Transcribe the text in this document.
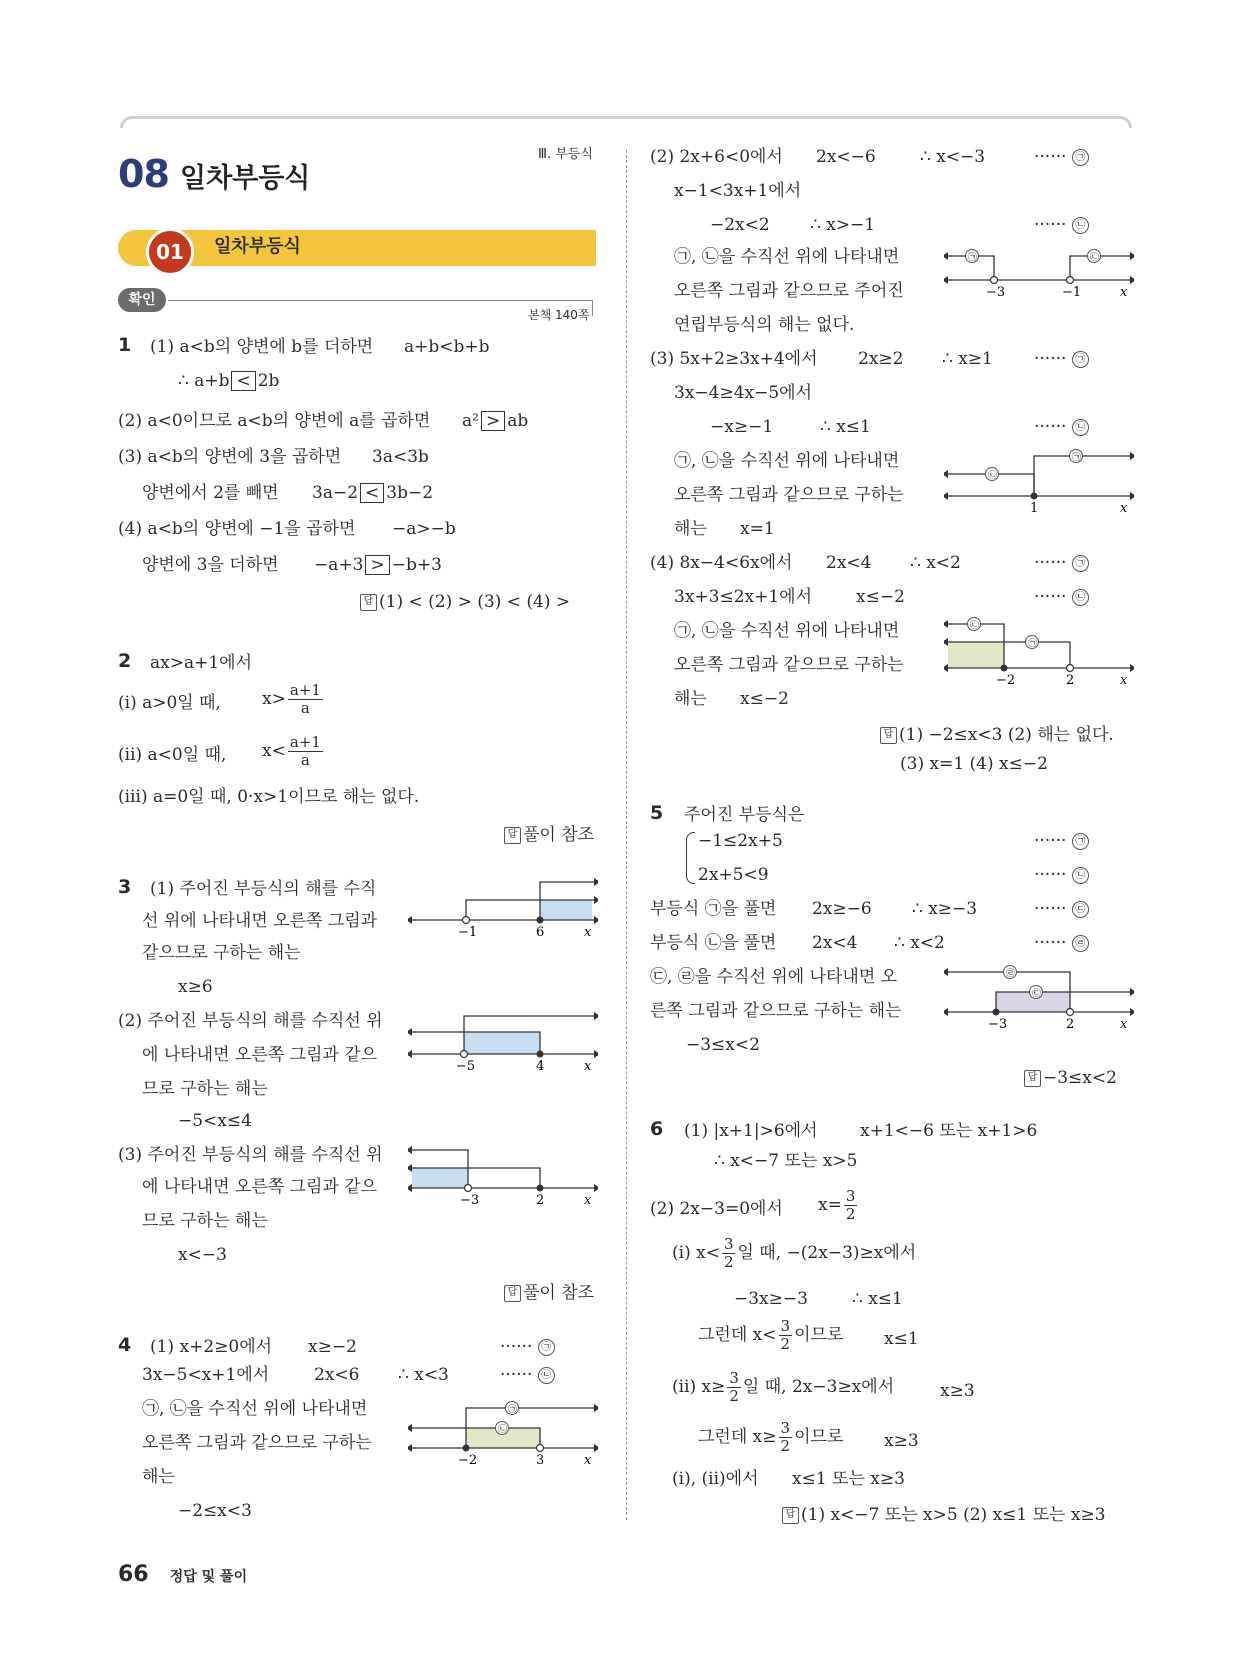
08 일차부등식
Ⅲ. 부등식
01	일차부등식
확인
본책 140쪽
1 (1) a<b의 양변에 b를 더하면 a+b<b+b
∴ a+b < 2b
(2) a<0이므로 a<b의 양변에 a를 곱하면 a² > ab
(3) a<b의 양변에 3을 곱하면 3a<3b
양변에서 2를 빼면 3a−2 < 3b−2
(4) a<b의 양변에 −1을 곱하면 −a>−b
양변에 3을 더하면 −a+3 > −b+3
답 (1) < (2) > (3) < (4) >
2 ax>a+1에서
(ⅰ) a>0일 때, $x> \frac{a+1}{a}$
(ⅱ) a<0일 때, $x< \frac{a+1}{a}$
(ⅲ) a=0일 때, 0·x>1이므로 해는 없다.
답 풀이 참조
3 (1) 주어진 부등식의 해를 수직
선 위에 나타내면 오른쪽 그림과
같으므로 구하는 해는
x≥6
(2) 주어진 부등식의 해를 수직선 위
에 나타내면 오른쪽 그림과 같으
므로 구하는 해는
−5<x≤4
(3) 주어진 부등식의 해를 수직선 위
에 나타내면 오른쪽 그림과 같으
므로 구하는 해는
x<−3
답 풀이 참조
−1	6	x
−5	4	x
−3	2	x
4 (1) x+2≥0에서 x≥−2	······ ㉠
3x−5<x+1에서	2x<6 ∴ x<3	······ ㉡
㉠, ㉡을 수직선 위에 나타내면
오른쪽 그림과 같으므로 구하는
해는
−2≤x<3
㉠
㉡
−2	3	x
(2) 2x+6<0에서 2x<−6	∴ x<−3	······ ㉠
x−1<3x+1에서
−2x<2 ∴ x>−1	······ ㉡
㉠, ㉡을 수직선 위에 나타내면
오른쪽 그림과 같으므로 주어진
연립부등식의 해는 없다.
㉠	㉡
−3	−1	x
(3) 5x+2≥3x+4에서 2x≥2 ∴ x≥1 ······ ㉠
3x−4≥4x−5에서
−x≥−1	∴ x≤1	······ ㉡
㉠, ㉡을 수직선 위에 나타내면
오른쪽 그림과 같으므로 구하는
해는 x=1
㉠
㉡
1	x
(4) 8x−4<6x에서 2x<4 ∴ x<2	······ ㉠
3x+3≤2x+1에서	x≤−2	······ ㉡
㉠, ㉡을 수직선 위에 나타내면
오른쪽 그림과 같으므로 구하는
해는 x≤−2
㉠
㉡
−2	2	x
답 (1) −2≤x<3 (2) 해는 없다.
(3) x=1 (4) x≤−2
5 주어진 부등식은
−1≤2x+5
2x+5<9
······ ㉠
······ ㉡
부등식 ㉠을 풀면 2x≥−6 ∴ x≥−3	······ ㉢
부등식 ㉡을 풀면 2x<4 ∴ x<2	······ ㉣
㉢, ㉣을 수직선 위에 나타내면 오
른쪽 그림과 같으므로 구하는 해는
−3≤x<2
답 −3≤x<2
㉣
㉢
−3	2	x
6 (1) |x+1|>6에서	x+1<−6 또는 x+1>6
∴ x<−7 또는 x>5
(2) 2x−3=0에서 $x= \frac{3}{2}$
(ⅰ) $x< \frac{3}{2}$ 일 때, −(2x−3)≥x에서
−3x≥−3	∴ x≤1
그런데 $x< \frac{3}{2}$ 이므로 x≤1
(ⅱ) $x\ge \frac{3}{2}$ 일 때, 2x−3≥x에서	x≥3
그런데 $x\ge \frac{3}{2}$ 이므로 x≥3
(ⅰ), (ⅱ)에서 x≤1 또는 x≥3
답 (1) x<−7 또는 x>5 (2) x≤1 또는 x≥3
66 정답 및 풀이
